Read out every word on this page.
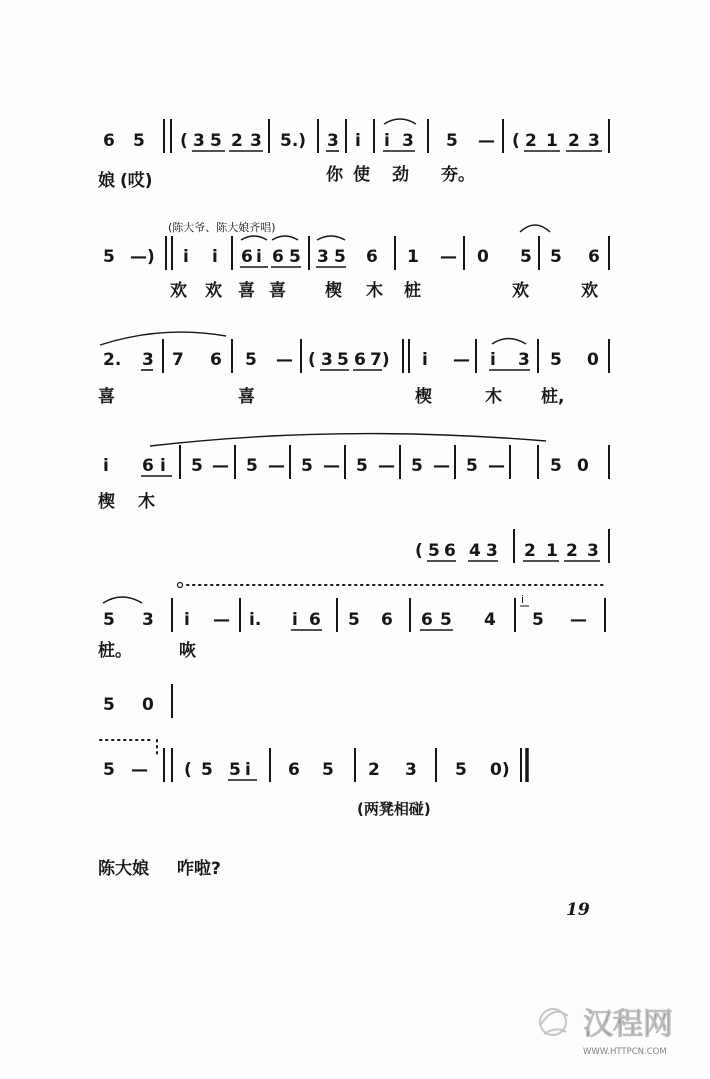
6 5 ( 3 5 2 3 5.) 3 i i 3 5 — ( 2 1 2 3
娘 (哎)	你 使 劲 夯。
(陈大爷、陈大娘齐唱)
5 —) i i 6 i 6 5 3 5 6 1 — 0 5 5 6
欢 欢 喜 喜 楔 木 桩	欢	欢
2. 3 7 6 5 — ( 3 5 6 7) i — i 3 5 0
喜	喜	楔	木 桩,
i 6 i 5 — 5 — 5 — 5 — 5 — 5 —	5 0
楔 木
( 5 6 4 3 2 1 2 3
5 3 i — i. i 6 5 6 6 5 4
i
5 —
桩。	咴
5 0
5 — ( 5 5 i 6 5 2 3 5 0)
(两凳相碰)
陈大娘 咋啦?
19
汉程网
WWW.HTTPCN.COM
